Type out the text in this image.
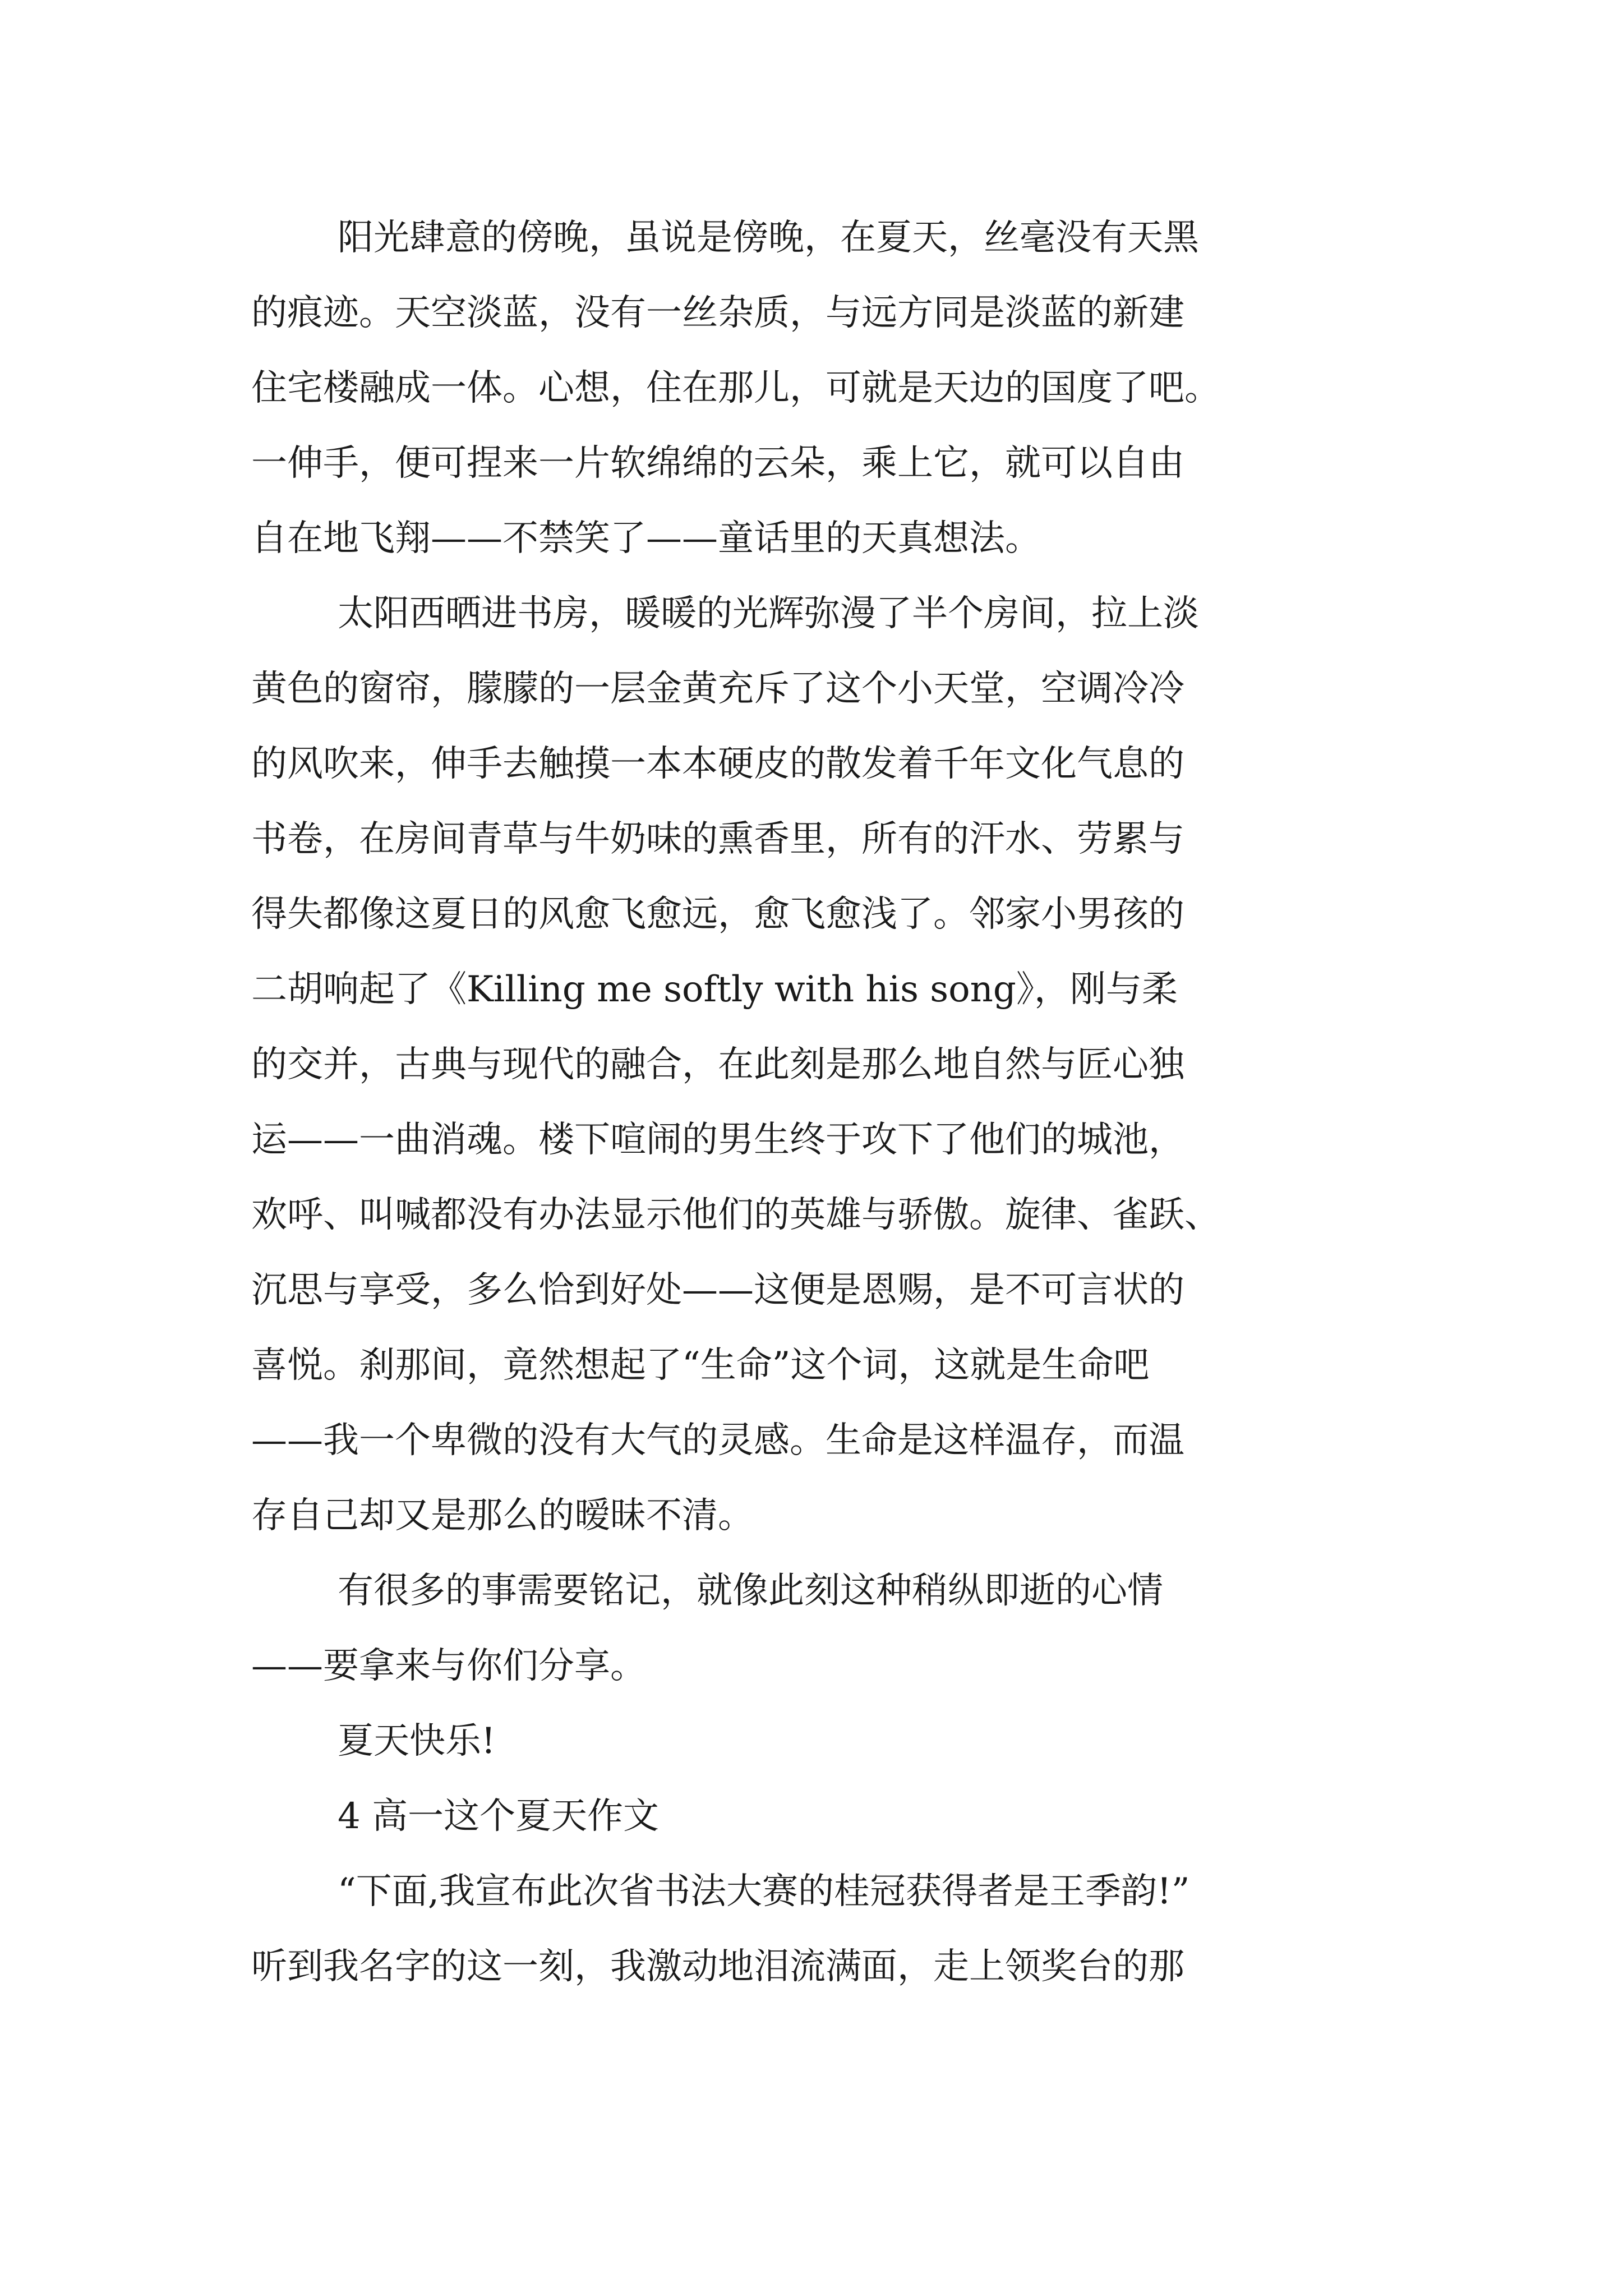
阳光肆意的傍晚，虽说是傍晚，在夏天，丝毫没有天黑
的痕迹。天空淡蓝，没有一丝杂质，与远方同是淡蓝的新建
住宅楼融成一体。心想，住在那儿，可就是天边的国度了吧。
一伸手，便可捏来一片软绵绵的云朵，乘上它，就可以自由
自在地飞翔——不禁笑了——童话里的天真想法。
太阳西晒进书房，暖暖的光辉弥漫了半个房间，拉上淡
黄色的窗帘，朦朦的一层金黄充斥了这个小天堂，空调冷冷
的风吹来，伸手去触摸一本本硬皮的散发着千年文化气息的
书卷，在房间青草与牛奶味的熏香里，所有的汗水、劳累与
得失都像这夏日的风愈飞愈远，愈飞愈浅了。邻家小男孩的
二胡响起了《Killing me softly with his song》，刚与柔
的交并，古典与现代的融合，在此刻是那么地自然与匠心独
运——一曲消魂。楼下喧闹的男生终于攻下了他们的城池，
欢呼、叫喊都没有办法显示他们的英雄与骄傲。旋律、雀跃、
沉思与享受，多么恰到好处——这便是恩赐，是不可言状的
喜悦。刹那间，竟然想起了“生命”这个词，这就是生命吧
——我一个卑微的没有大气的灵感。生命是这样温存，而温
存自己却又是那么的暧昧不清。
有很多的事需要铭记，就像此刻这种稍纵即逝的心情
——要拿来与你们分享。
夏天快乐!
4 高一这个夏天作文
“下面,我宣布此次省书法大赛的桂冠获得者是王季韵!”
听到我名字的这一刻，我激动地泪流满面，走上领奖台的那
